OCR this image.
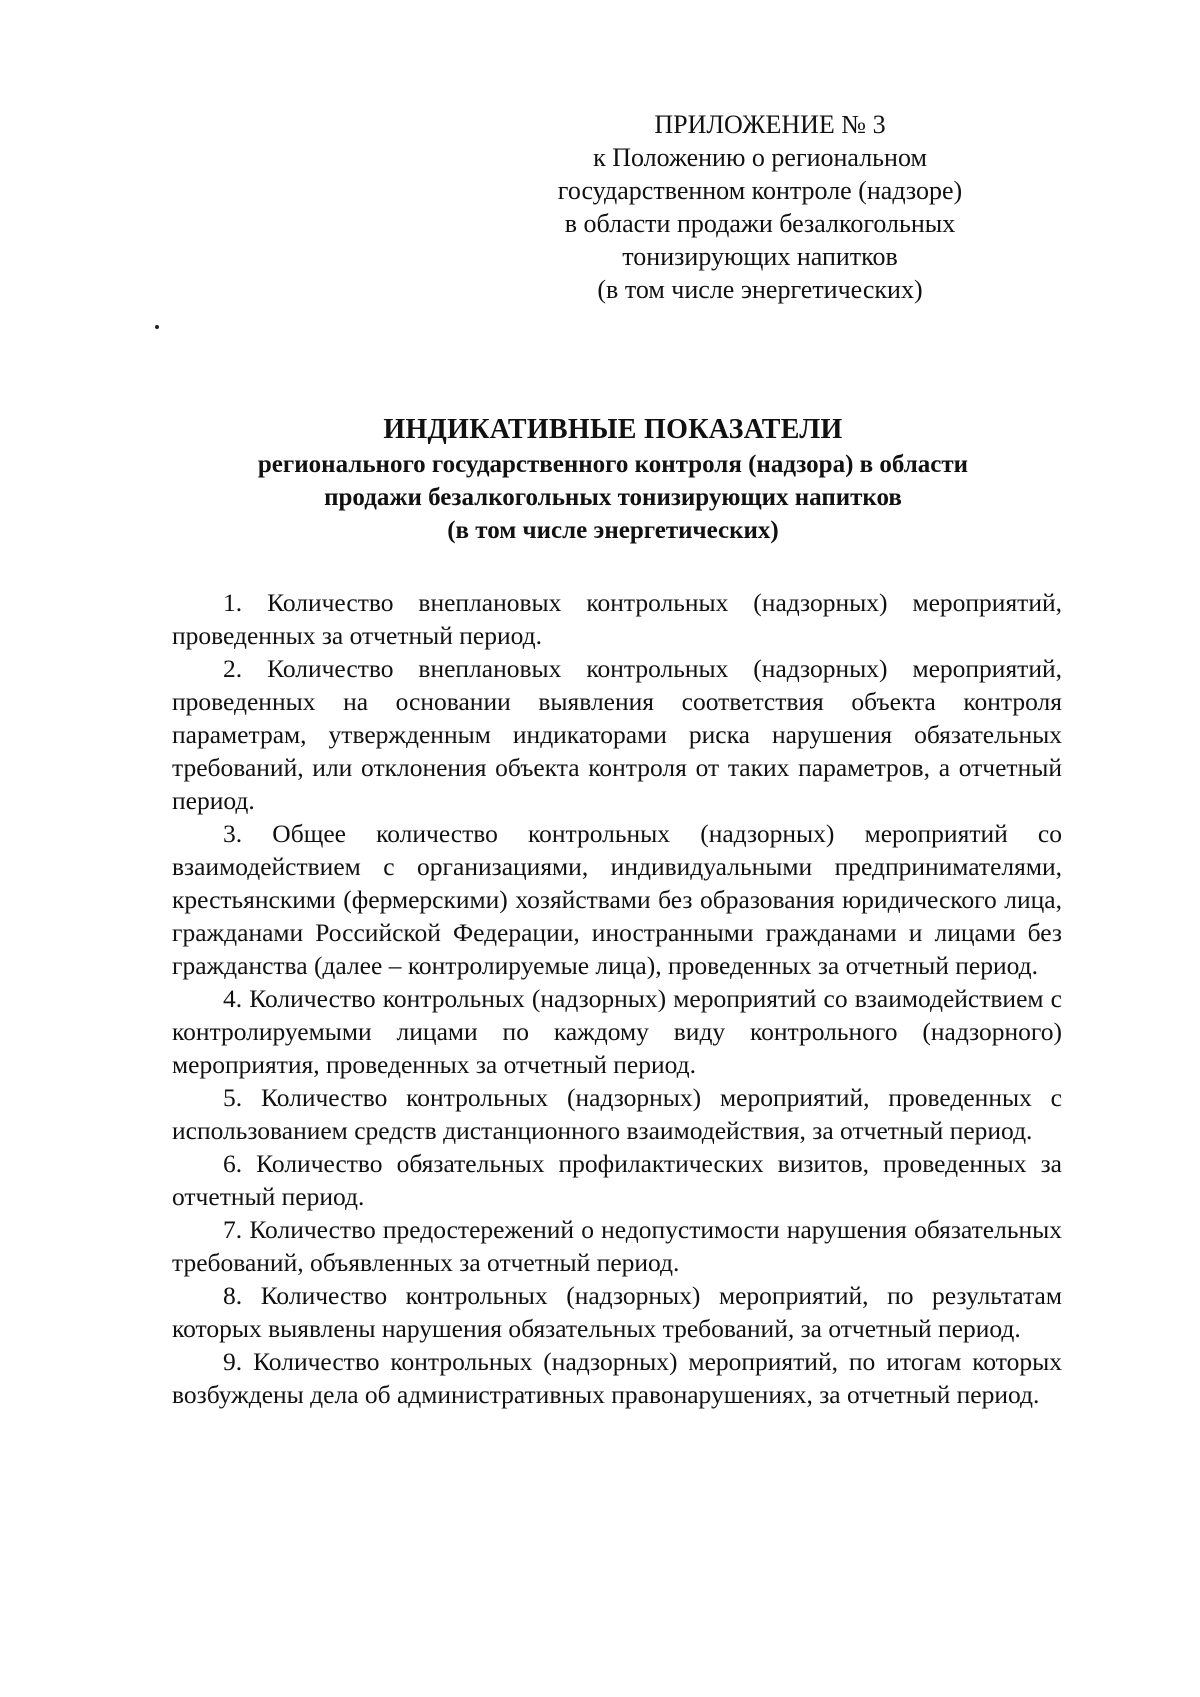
ПРИЛОЖЕНИЕ № 3
к Положению о региональном
государственном контроле (надзоре)
в области продажи безалкогольных
тонизирующих напитков
(в том числе энергетических)
ИНДИКАТИВНЫЕ ПОКАЗАТЕЛИ
регионального государственного контроля (надзора) в области
продажи безалкогольных тонизирующих напитков
(в том числе энергетических)

1. Количество внеплановых контрольных (надзорных) мероприятий, проведенных за отчетный период.

2. Количество внеплановых контрольных (надзорных) мероприятий, проведенных на основании выявления соответствия объекта контроля параметрам, утвержденным индикаторами риска нарушения обязательных требований, или отклонения объекта контроля от таких параметров, а отчетный период.

3. Общее количество контрольных (надзорных) мероприятий со взаимодействием с организациями, индивидуальными предпринимателями, крестьянскими (фермерскими) хозяйствами без образования юридического лица, гражданами Российской Федерации, иностранными гражданами и лицами без гражданства (далее – контролируемые лица), проведенных за отчетный период.

4. Количество контрольных (надзорных) мероприятий со взаимодействием с контролируемыми лицами по каждому виду контрольного (надзорного) мероприятия, проведенных за отчетный период.

5. Количество контрольных (надзорных) мероприятий, проведенных с использованием средств дистанционного взаимодействия, за отчетный период.

6. Количество обязательных профилактических визитов, проведенных за отчетный период.

7. Количество предостережений о недопустимости нарушения обязательных требований, объявленных за отчетный период.

8. Количество контрольных (надзорных) мероприятий, по результатам которых выявлены нарушения обязательных требований, за отчетный период.

9. Количество контрольных (надзорных) мероприятий, по итогам которых возбуждены дела об административных правонарушениях, за отчетный период.
